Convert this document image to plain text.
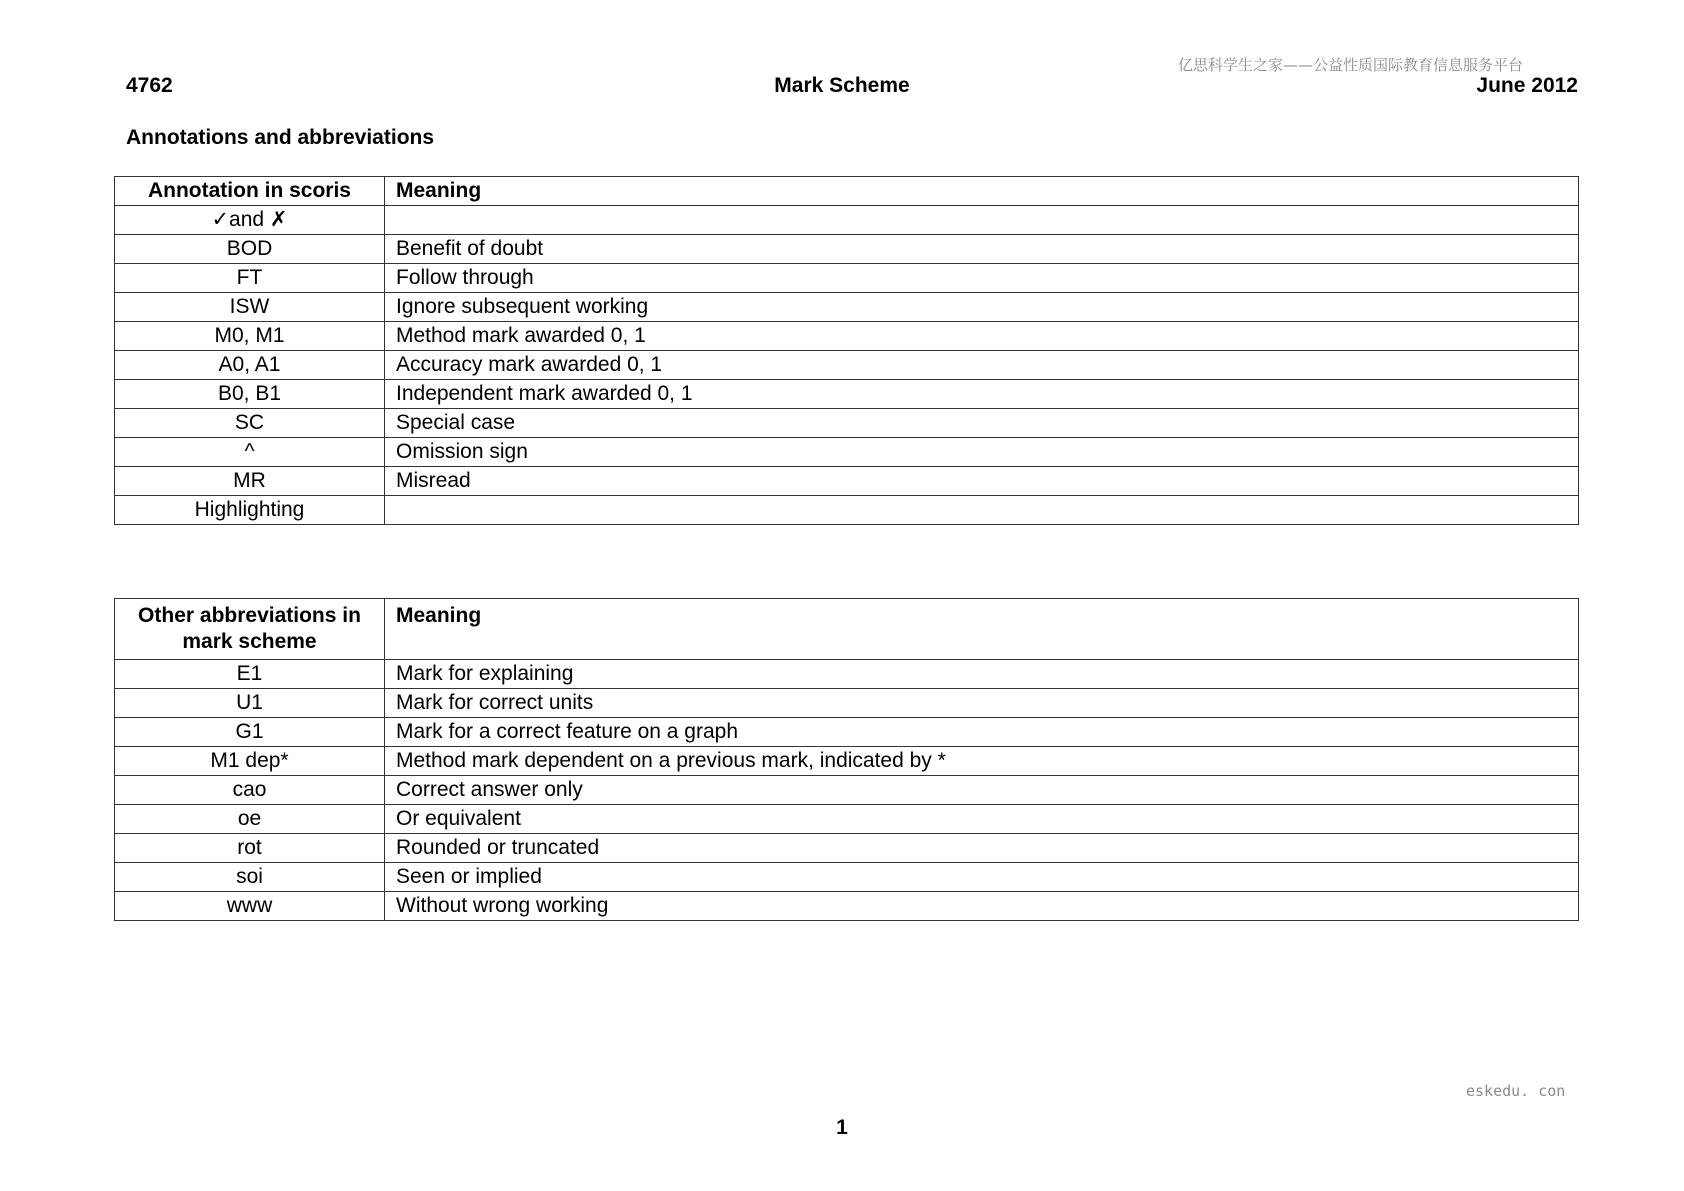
亿思科学生之家——公益性质国际教育信息服务平台
Mark Scheme
4762	June 2012
Annotations and abbreviations
Annotation in scoris	Meaning
✓and ✗	
BOD	Benefit of doubt
FT	Follow through
ISW	Ignore subsequent working
M0, M1	Method mark awarded 0, 1
A0, A1	Accuracy mark awarded 0, 1
B0, B1	Independent mark awarded 0, 1
SC	Special case
^	Omission sign
MR	Misread
Highlighting	
Other abbreviations in mark scheme	Meaning
E1	Mark for explaining
U1	Mark for correct units
G1	Mark for a correct feature on a graph
M1 dep*	Method mark dependent on a previous mark, indicated by *
cao	Correct answer only
oe	Or equivalent
rot	Rounded or truncated
soi	Seen or implied
www	Without wrong working
eskedu. con
1
